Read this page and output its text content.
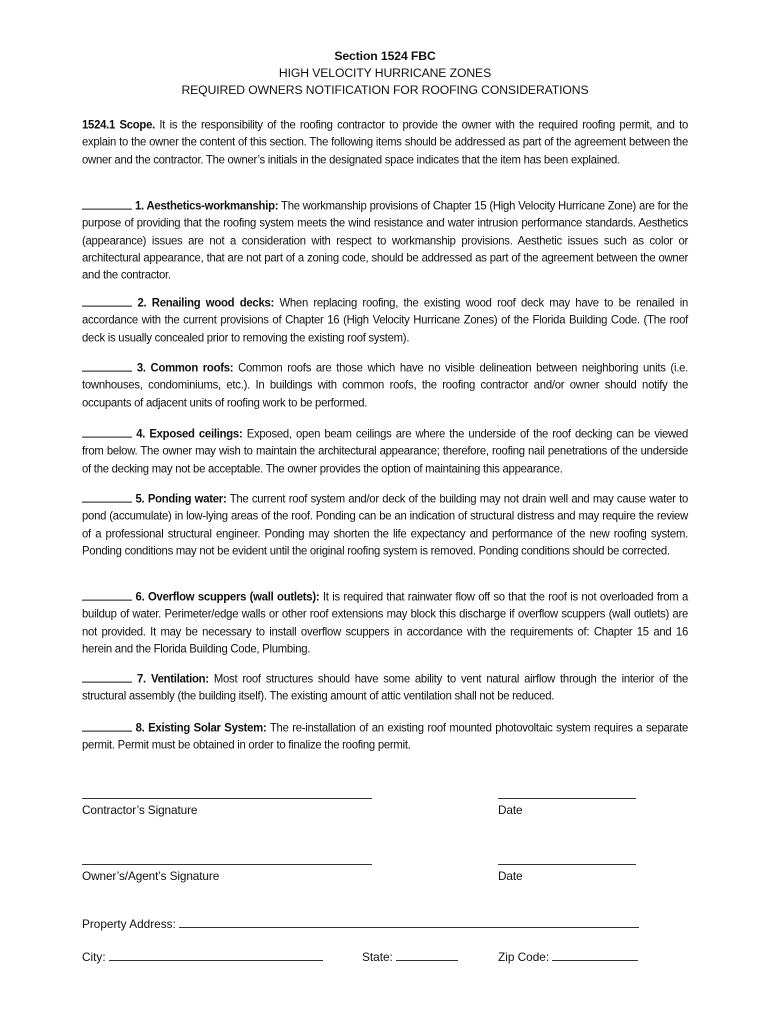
Section 1524 FBC
HIGH VELOCITY HURRICANE ZONES
REQUIRED OWNERS NOTIFICATION FOR ROOFING CONSIDERATIONS
1524.1 Scope. It is the responsibility of the roofing contractor to provide the owner with the required roofing permit, and to explain to the owner the content of this section. The following items should be addressed as part of the agreement between the owner and the contractor. The owner’s initials in the designated space indicates that the item has been explained.
1. Aesthetics-workmanship: The workmanship provisions of Chapter 15 (High Velocity Hurricane Zone) are for the purpose of providing that the roofing system meets the wind resistance and water intrusion performance standards. Aesthetics (appearance) issues are not a consideration with respect to workmanship provisions. Aesthetic issues such as color or architectural appearance, that are not part of a zoning code, should be addressed as part of the agreement between the owner and the contractor.
2. Renailing wood decks: When replacing roofing, the existing wood roof deck may have to be renailed in accordance with the current provisions of Chapter 16 (High Velocity Hurricane Zones) of the Florida Building Code. (The roof deck is usually concealed prior to removing the existing roof system).
3. Common roofs: Common roofs are those which have no visible delineation between neighboring units (i.e. townhouses, condominiums, etc.). In buildings with common roofs, the roofing contractor and/or owner should notify the occupants of adjacent units of roofing work to be performed.
4. Exposed ceilings: Exposed, open beam ceilings are where the underside of the roof decking can be viewed from below. The owner may wish to maintain the architectural appearance; therefore, roofing nail penetrations of the underside of the decking may not be acceptable. The owner provides the option of maintaining this appearance.
5. Ponding water: The current roof system and/or deck of the building may not drain well and may cause water to pond (accumulate) in low-lying areas of the roof. Ponding can be an indication of structural distress and may require the review of a professional structural engineer. Ponding may shorten the life expectancy and performance of the new roofing system. Ponding conditions may not be evident until the original roofing system is removed. Ponding conditions should be corrected.
6. Overflow scuppers (wall outlets): It is required that rainwater flow off so that the roof is not overloaded from a buildup of water. Perimeter/edge walls or other roof extensions may block this discharge if overflow scuppers (wall outlets) are not provided. It may be necessary to install overflow scuppers in accordance with the requirements of: Chapter 15 and 16 herein and the Florida Building Code, Plumbing.
7. Ventilation: Most roof structures should have some ability to vent natural airflow through the interior of the structural assembly (the building itself). The existing amount of attic ventilation shall not be reduced.
8. Existing Solar System: The re-installation of an existing roof mounted photovoltaic system requires a separate permit. Permit must be obtained in order to finalize the roofing permit.
Contractor’s Signature	Date
Owner’s/Agent’s Signature	Date
Property Address:
City:	State:	Zip Code:
